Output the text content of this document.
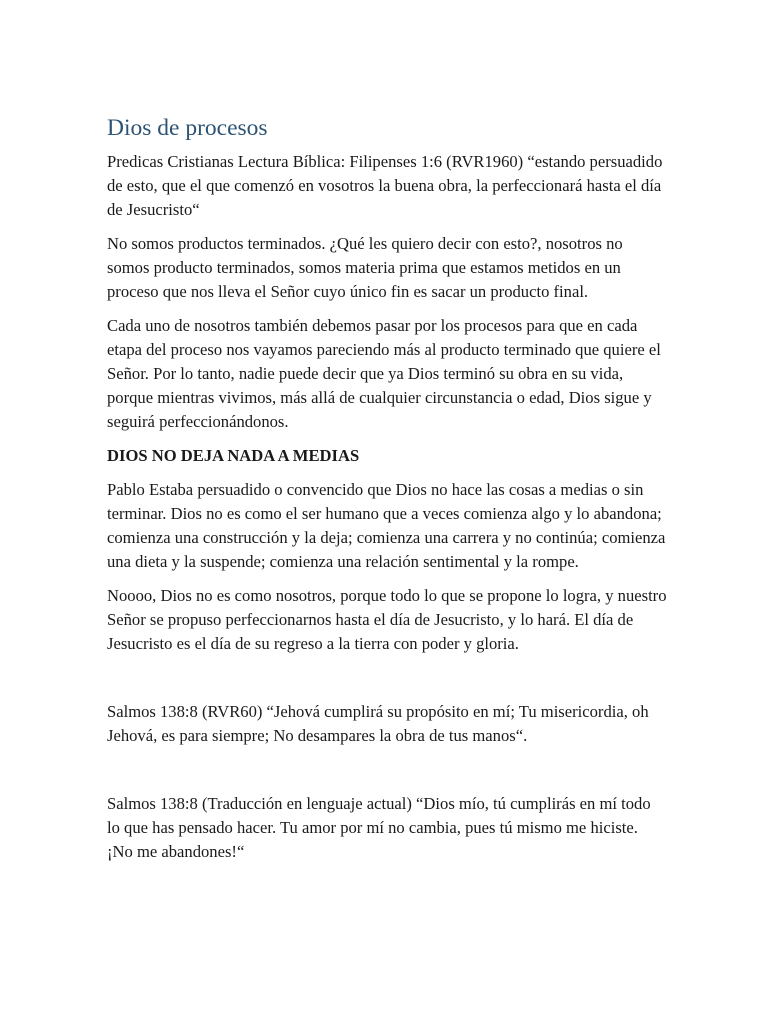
Dios de procesos

Predicas Cristianas Lectura Bíblica: Filipenses 1:6 (RVR1960) “estando persuadido de esto, que el que comenzó en vosotros la buena obra, la perfeccionará hasta el día de Jesucristo“

No somos productos terminados. ¿Qué les quiero decir con esto?, nosotros no somos producto terminados, somos materia prima que estamos metidos en un proceso que nos lleva el Señor cuyo único fin es sacar un producto final.

Cada uno de nosotros también debemos pasar por los procesos para que en cada etapa del proceso nos vayamos pareciendo más al producto terminado que quiere el Señor. Por lo tanto, nadie puede decir que ya Dios terminó su obra en su vida, porque mientras vivimos, más allá de cualquier circunstancia o edad, Dios sigue y seguirá perfeccionándonos.

DIOS NO DEJA NADA A MEDIAS

Pablo Estaba persuadido o convencido que Dios no hace las cosas a medias o sin terminar. Dios no es como el ser humano que a veces comienza algo y lo abandona; comienza una construcción y la deja; comienza una carrera y no continúa; comienza una dieta y la suspende; comienza una relación sentimental y la rompe.

Noooo, Dios no es como nosotros, porque todo lo que se propone lo logra, y nuestro Señor se propuso perfeccionarnos hasta el día de Jesucristo, y lo hará. El día de Jesucristo es el día de su regreso a la tierra con poder y gloria.

Salmos 138:8 (RVR60) “Jehová cumplirá su propósito en mí; Tu misericordia, oh Jehová, es para siempre; No desampares la obra de tus manos“.

Salmos 138:8 (Traducción en lenguaje actual) “Dios mío, tú cumplirás en mí todo lo que has pensado hacer. Tu amor por mí no cambia, pues tú mismo me hiciste. ¡No me abandones!“
